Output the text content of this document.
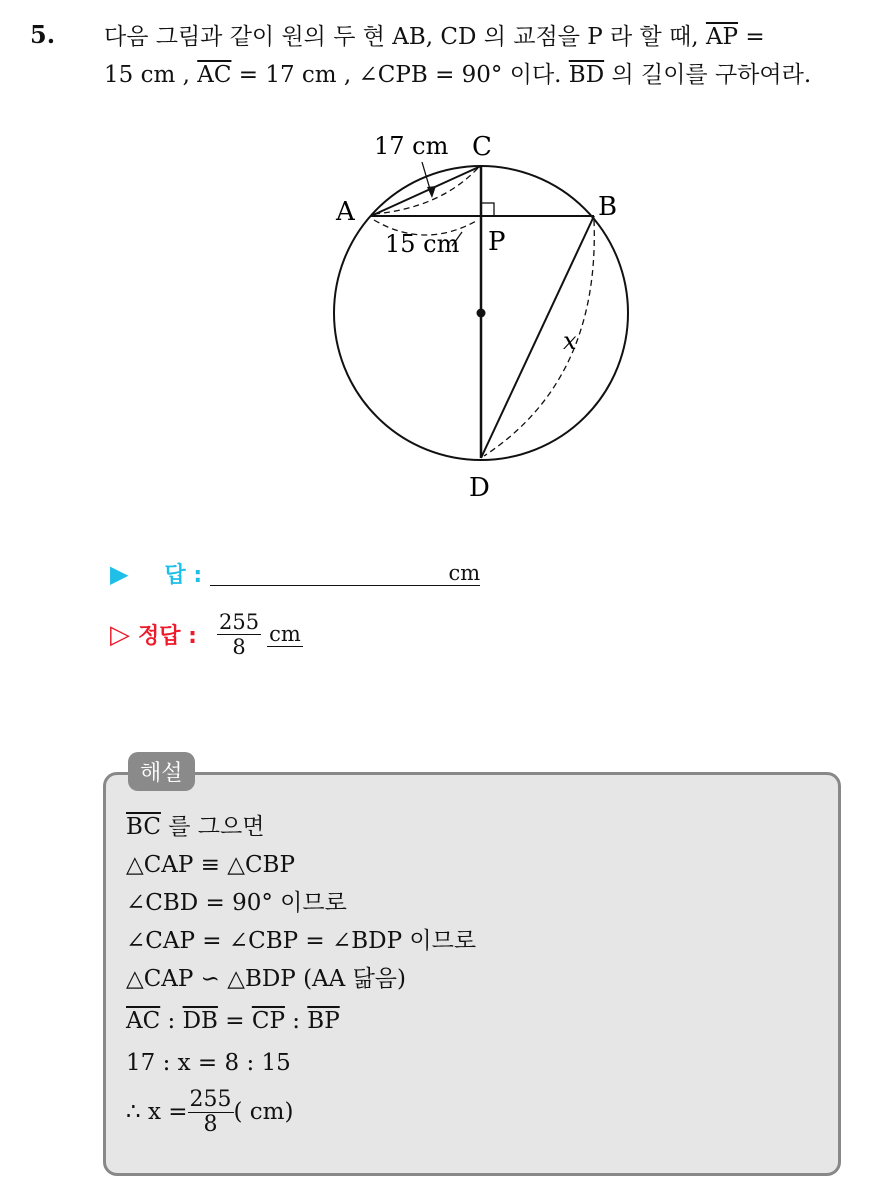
5. 다음 그림과 같이 원의 두 현 AB, CD 의 교점을 P 라 할 때, $\overline{AP}$ =
15 cm , $\overline{AC} = 17$ cm , ∠CPB = 90° 이다. $\overline{BD}$ 의 길이를 구하여라.
17 cm C
A	B
15 cm P
x
D
▶ 답 :	cm
▷ 정답 : $\frac{255}{8}$ cm
해설
$\overline{BC}$ 를 그으면
△CAP ≡ △CBP
∠CBD = 90° 이므로
∠CAP = ∠CBP = ∠BDP 이므로
△CAP ∽ △BDP (AA 닮음)
$\overline{AC}$ : $\overline{DB} = \overline{CP}$ : $\overline{BP}$
17 : x = 8 : 15
∴ $x = \frac{255}{8}$ ( cm)
